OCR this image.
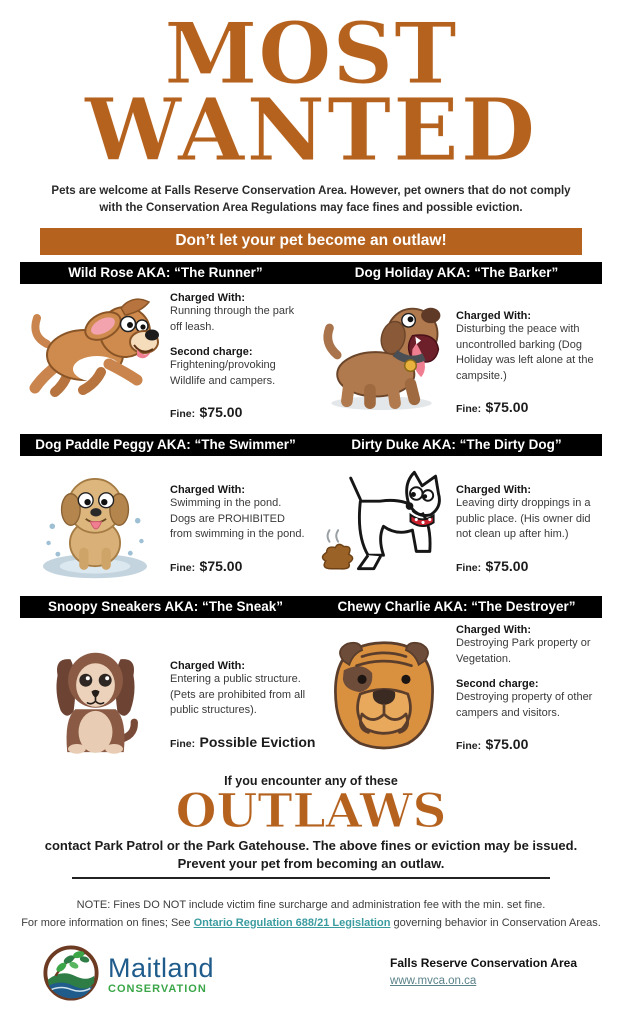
MOST MOST
WANTED WANTED

Pets are welcome at Falls Reserve Conservation Area. However, pet owners that do not comply with the Conservation Area Regulations may face fines and possible eviction.

Don’t let your pet become an outlaw!
Wild Rose AKA: “The Runner”	Dog Holiday AKA: “The Barker”
Charged With:
Running through the park off leash.
Second charge:
Frightening/provoking Wildlife and campers.
Fine: $75.00
Charged With:
Disturbing the peace with uncontrolled barking (Dog Holiday was left alone at the campsite.)
Fine: $75.00
Dog Paddle Peggy AKA: “The Swimmer”	Dirty Duke AKA: “The Dirty Dog”
Charged With:
Swimming in the pond. Dogs are PROHIBITED from swimming in the pond.
Fine: $75.00
Charged With:
Leaving dirty droppings in a public place. (His owner did not clean up after him.)
Fine: $75.00
Snoopy Sneakers AKA: “The Sneak”	Chewy Charlie AKA: “The Destroyer”
Charged With:
Entering a public structure. (Pets are prohibited from all public structures).
Fine: Possible Eviction
Charged With:
Destroying Park property or Vegetation.
Second charge:
Destroying property of other campers and visitors.
Fine: $75.00
If you encounter any of these
OUTLAWS OUTLAWS
contact Park Patrol or the Park Gatehouse. The above fines or eviction may be issued.
Prevent your pet from becoming an outlaw.
NOTE: Fines DO NOT include victim fine surcharge and administration fee with the min. set fine.
For more information on fines; See Ontario Regulation 688/21 Legislation governing behavior in Conservation Areas.
Maitland
CONSERVATION
Falls Reserve Conservation Area
www.mvca.on.ca
